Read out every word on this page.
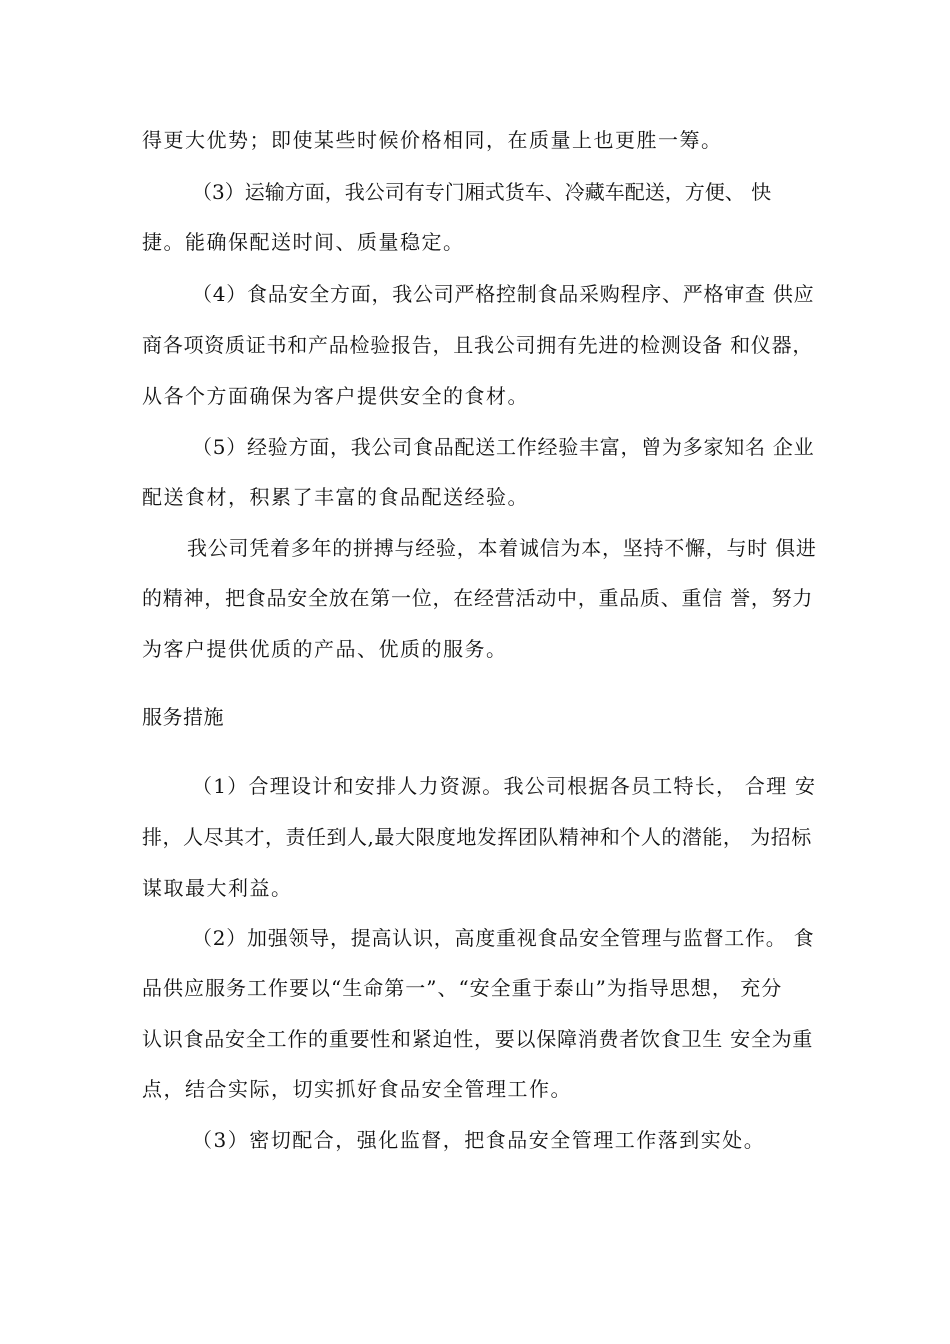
得更大优势；即使某些时候价格相同，在质量上也更胜一筹。
（3）运输方面，我公司有专门厢式货车、冷藏车配送，方便、 快
捷。能确保配送时间、质量稳定。
（4）食品安全方面，我公司严格控制食品采购程序、严格审查 供应
商各项资质证书和产品检验报告，且我公司拥有先进的检测设备 和仪器，
从各个方面确保为客户提供安全的食材。
（5）经验方面，我公司食品配送工作经验丰富，曾为多家知名 企业
配送食材，积累了丰富的食品配送经验。
我公司凭着多年的拼搏与经验，本着诚信为本，坚持不懈，与时 俱进
的精神，把食品安全放在第一位，在经营活动中，重品质、重信 誉，努力
为客户提供优质的产品、优质的服务。
服务措施
（1）合理设计和安排人力资源。我公司根据各员工特长， 合理 安
排，人尽其才，责任到人,最大限度地发挥团队精神和个人的潜能， 为招标
谋取最大利益。
（2）加强领导，提高认识，高度重视食品安全管理与监督工作。 食
品供应服务工作要以“生命第一”、“安全重于泰山”为指导思想， 充分
认识食品安全工作的重要性和紧迫性，要以保障消费者饮食卫生 安全为重
点，结合实际，切实抓好食品安全管理工作。
（3）密切配合，强化监督，把食品安全管理工作落到实处。
